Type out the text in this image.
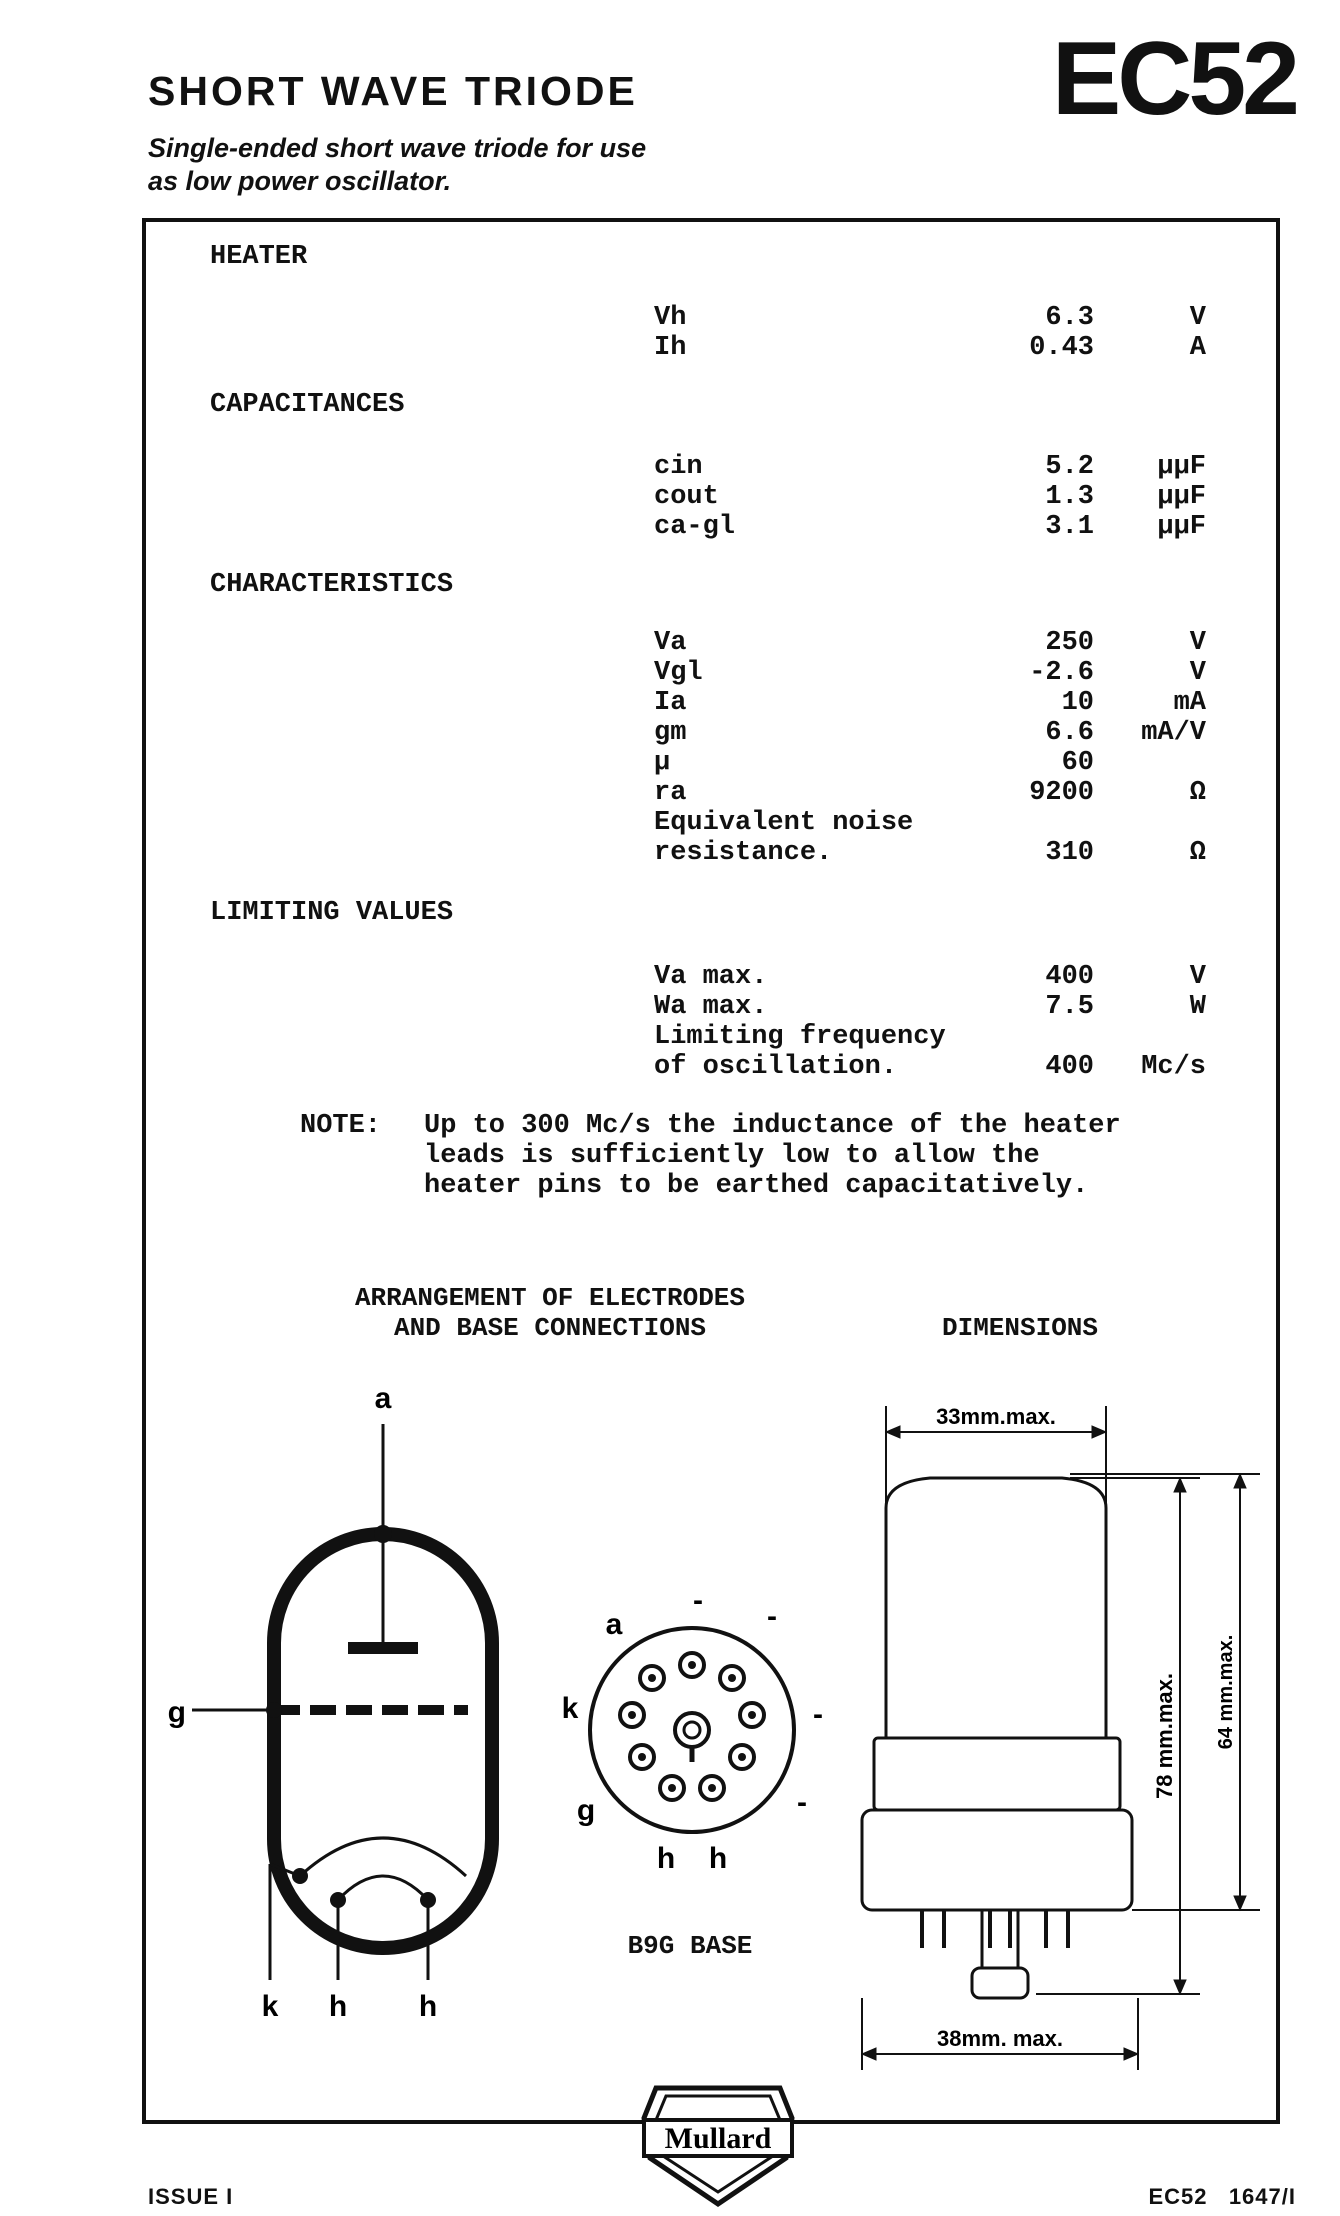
SHORT WAVE TRIODE	EC52
Single-ended short wave triode for use as low power oscillator.
HEATER
Vh	6.3	V
Ih	0.43	A
CAPACITANCES
cin	5.2	μμF
cout	1.3	μμF
ca-gl	3.1	μμF
CHARACTERISTICS
Va	250	V
Vgl	-2.6	V
Ia	10	mA
gm	6.6	mA/V
μ	60
ra	9200	Ω
Equivalent noise
resistance.	310	Ω
LIMITING VALUES
Va max.	400	V
Wa max.	7.5	W
Limiting frequency
of oscillation.	400	Mc/s
NOTE: Up to 300 Mc/s the inductance of the heater
leads is sufficiently low to allow the
heater pins to be earthed capacitatively.
ARRANGEMENT OF ELECTRODES
AND BASE CONNECTIONS	DIMENSIONS
B9G BASE
a
g
k h h
a
k
g
h h
- -
-
-
33mm.max.
38mm. max.
78 mm.max. 64 mm.max.
Mullard
ISSUE I	EC52   1647/I
